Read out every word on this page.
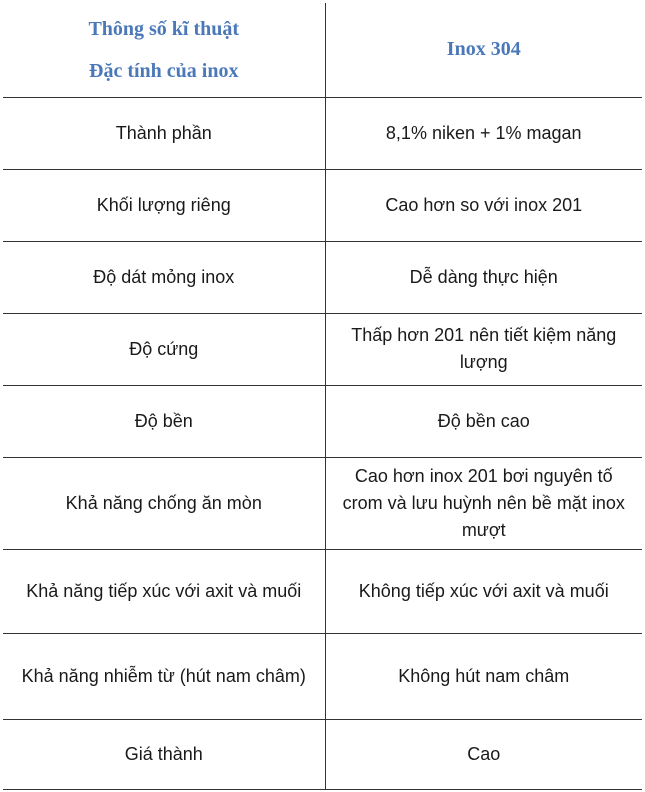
Thông số kĩ thuật
Đặc tính của inox	Inox 304
Thành phần	8,1% niken + 1% magan
Khối lượng riêng	Cao hơn so với inox 201
Độ dát mỏng inox	Dễ dàng thực hiện
Độ cứng	Thấp hơn 201 nên tiết kiệm năng lượng
Độ bền	Độ bền cao
Khả năng chống ăn mòn	Cao hơn inox 201 bơi nguyên tố crom và lưu huỳnh nên bề mặt inox mượt
Khả năng tiếp xúc với axit và muối	Không tiếp xúc với axit và muối
Khả năng nhiễm từ (hút nam châm)	Không hút nam châm
Giá thành	Cao
